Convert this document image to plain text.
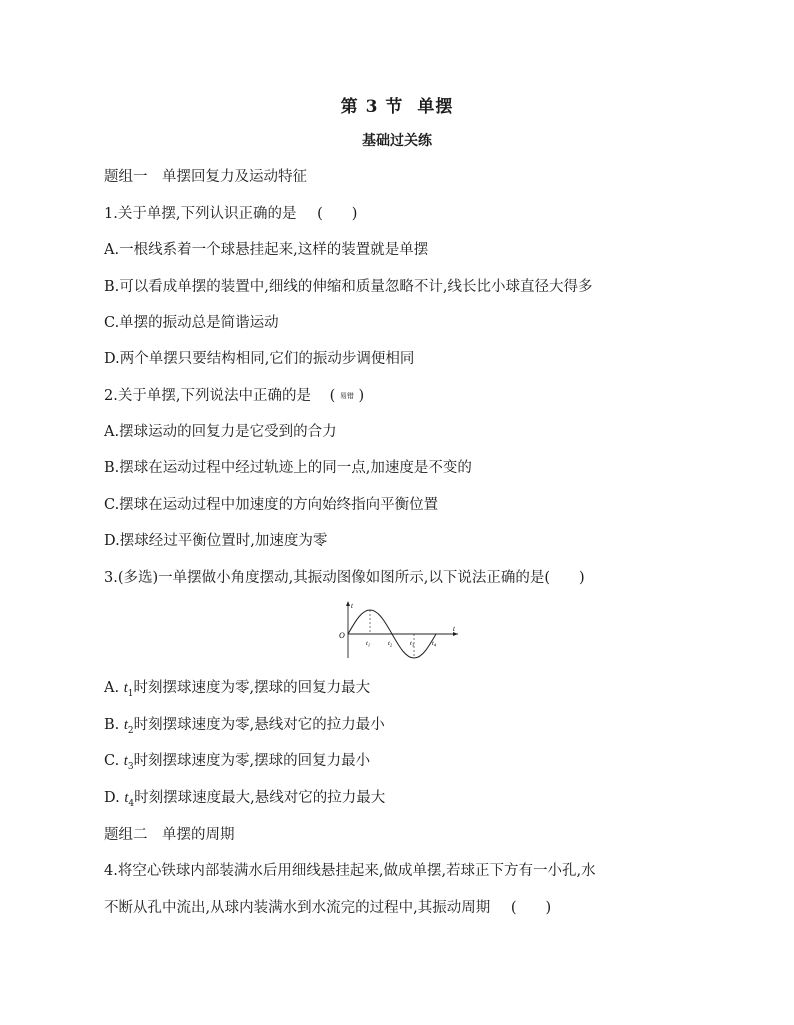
第 3 节 单摆
基础过关练
题组一　单摆回复力及运动特征
1.关于单摆,下列认识正确的是 (　　)
A.一根线系着一个球悬挂起来,这样的装置就是单摆
B.可以看成单摆的装置中,细线的伸缩和质量忽略不计,线长比小球直径大得多
C.单摆的振动总是简谐运动
D.两个单摆只要结构相同,它们的振动步调便相同
2.关于单摆,下列说法中正确的是 ( 易错 )
A.摆球运动的回复力是它受到的合力
B.摆球在运动过程中经过轨迹上的同一点,加速度是不变的
C.摆球在运动过程中加速度的方向始终指向平衡位置
D.摆球经过平衡位置时,加速度为零
3.(多选)一单摆做小角度摆动,其振动图像如图所示,以下说法正确的是(　　)
t
t
O
$t_1$	$t_2$	$t_3$	$t_4$
A. $t_1$时刻摆球速度为零,摆球的回复力最大
B. $t_2$时刻摆球速度为零,悬线对它的拉力最小
C. $t_3$时刻摆球速度为零,摆球的回复力最小
D. $t_4$时刻摆球速度最大,悬线对它的拉力最大
题组二　单摆的周期
4.将空心铁球内部装满水后用细线悬挂起来,做成单摆,若球正下方有一小孔,水
不断从孔中流出,从球内装满水到水流完的过程中,其振动周期 (　　)
